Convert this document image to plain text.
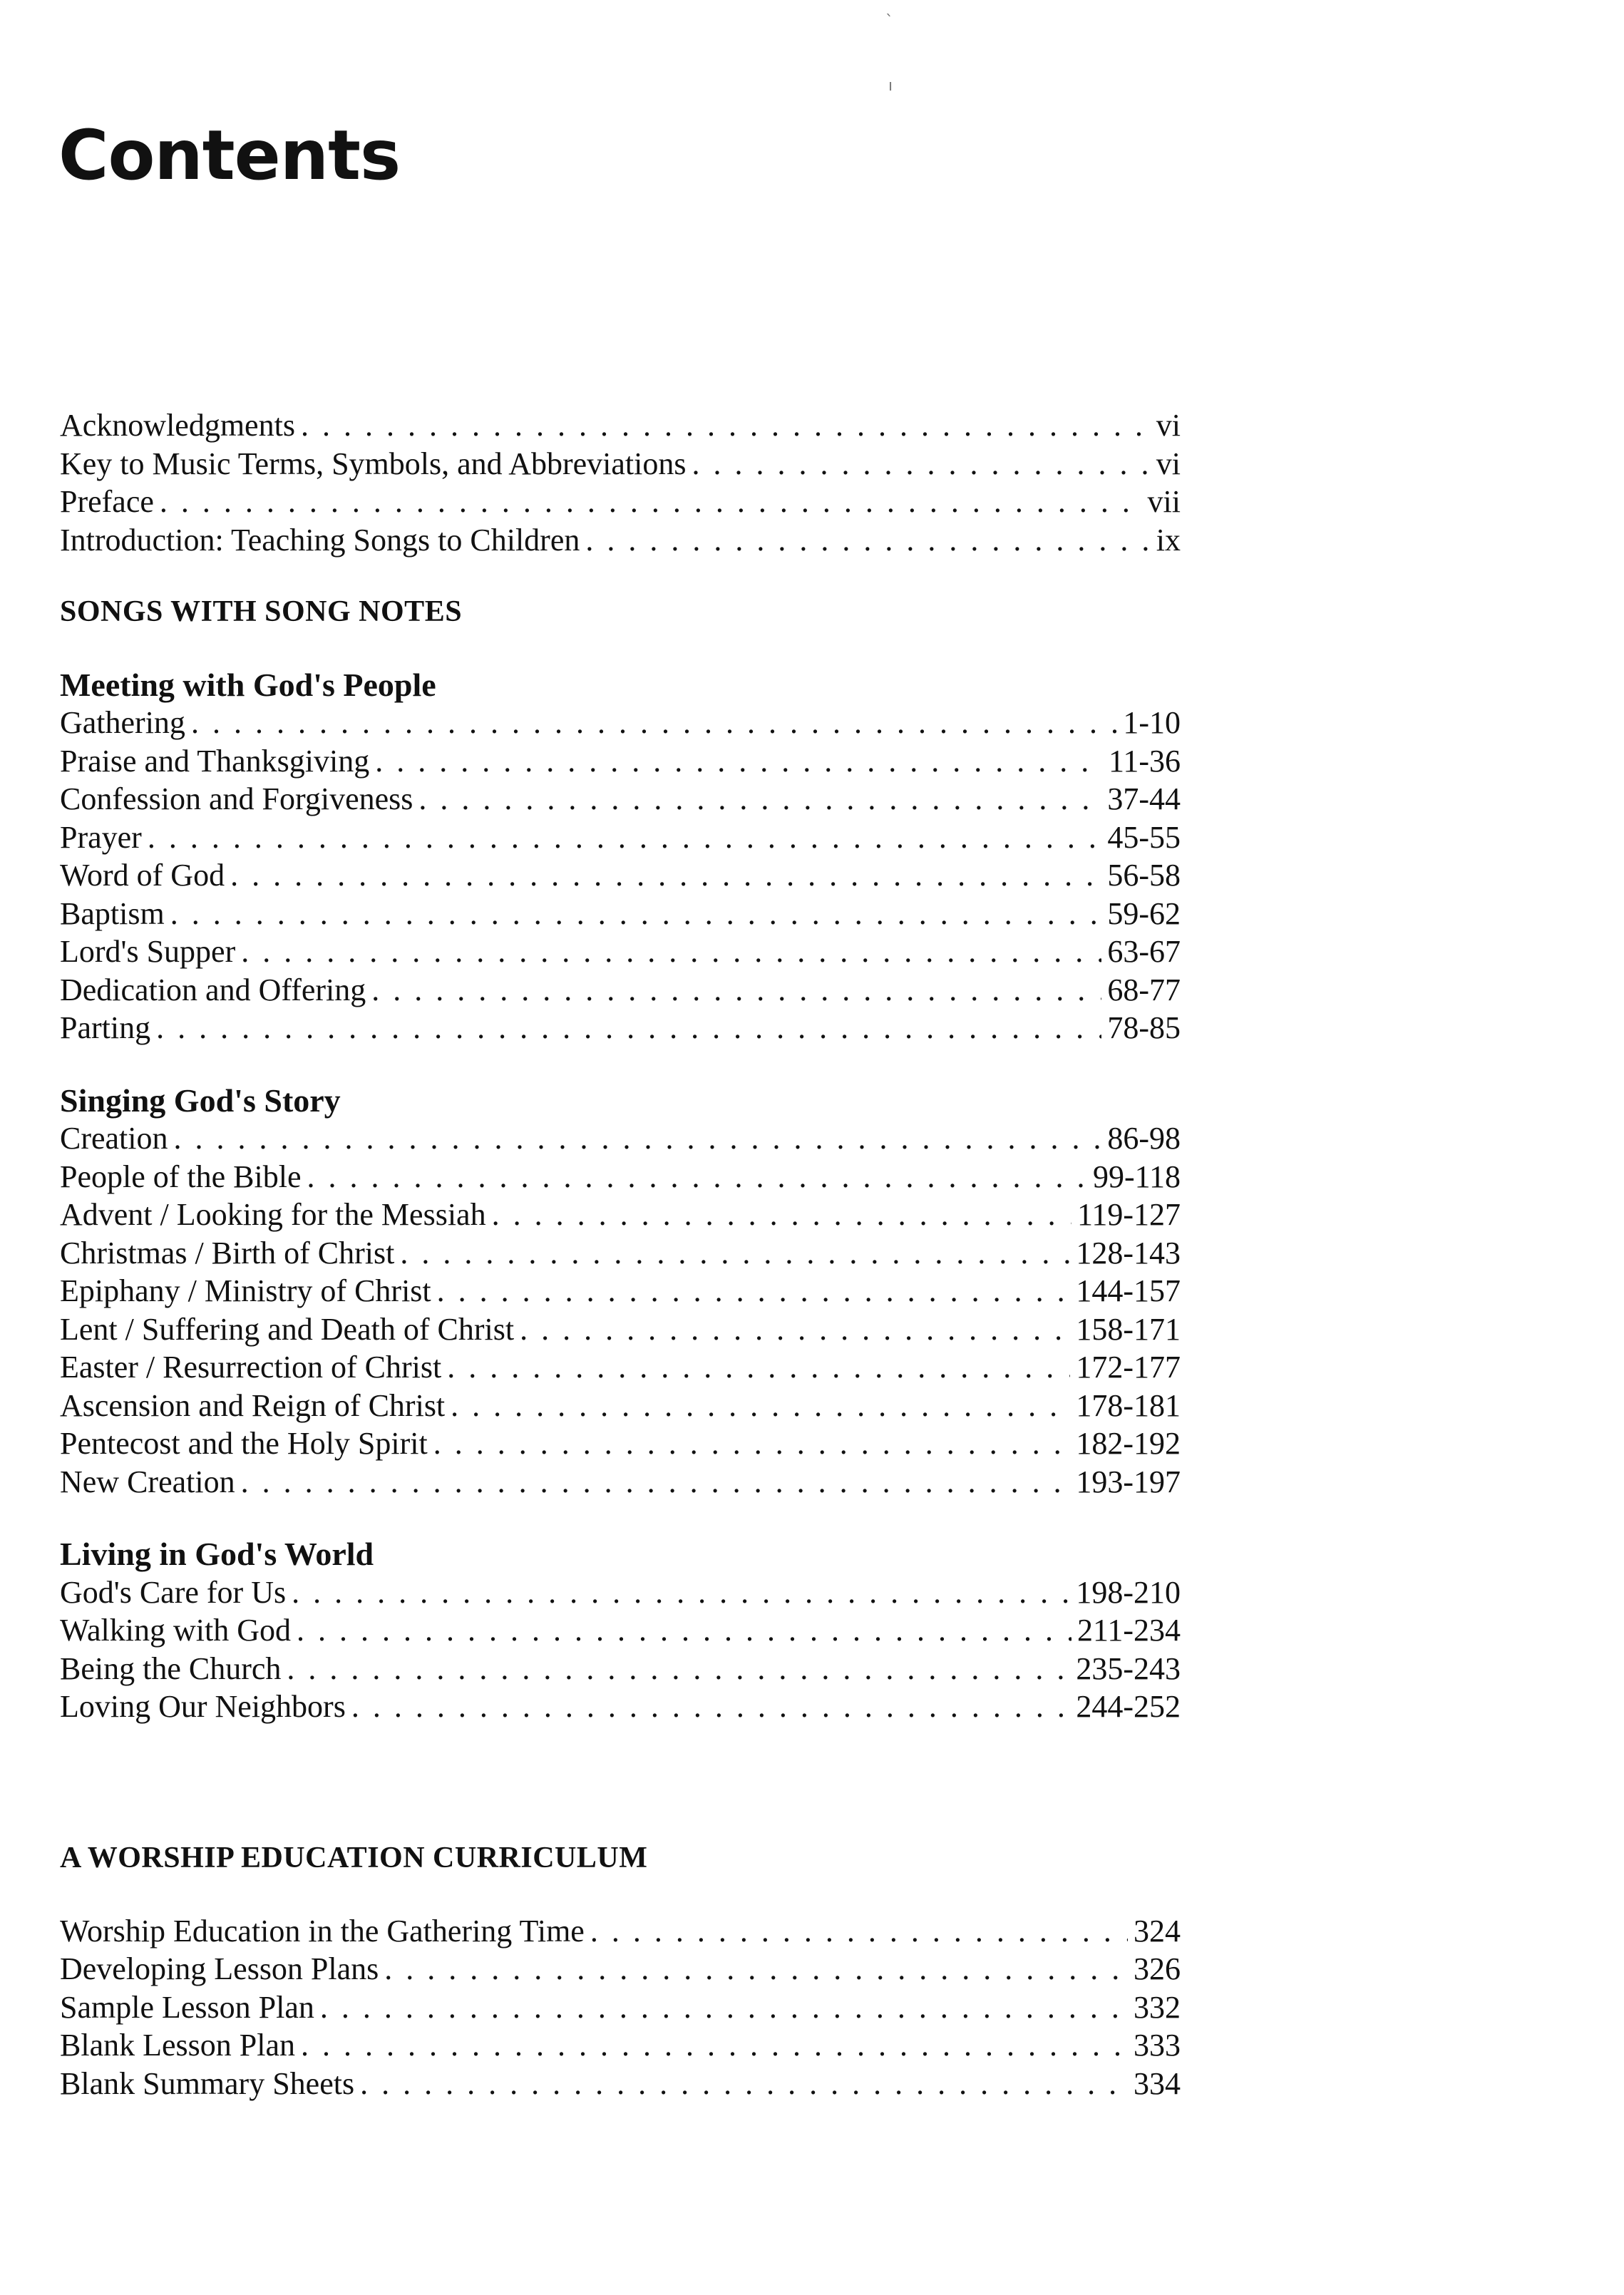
ˋ
ı
Contents
Acknowledgments . . .	vi
Key to Music Terms, Symbols, and Abbreviations . . .	vi
Preface . . .	vii
Introduction: Teaching Songs to Children . . .	ix
SONGS WITH SONG NOTES
Meeting with God's People
Gathering . . .	1-10
Praise and Thanksgiving . . .	11-36
Confession and Forgiveness . . .	37-44
Prayer . . .	45-55
Word of God . . .	56-58
Baptism . . .	59-62
Lord's Supper . . .	63-67
Dedication and Offering . . .	68-77
Parting . . .	78-85
Singing God's Story
Creation . . .	86-98
People of the Bible . . .	99-118
Advent / Looking for the Messiah . . .	119-127
Christmas / Birth of Christ . . .	128-143
Epiphany / Ministry of Christ . . .	144-157
Lent / Suffering and Death of Christ . . .	158-171
Easter / Resurrection of Christ . . .	172-177
Ascension and Reign of Christ . . .	178-181
Pentecost and the Holy Spirit . . .	182-192
New Creation . . .	193-197
Living in God's World
God's Care for Us . . .	198-210
Walking with God . . .	211-234
Being the Church . . .	235-243
Loving Our Neighbors . . .	244-252
A WORSHIP EDUCATION CURRICULUM
Worship Education in the Gathering Time . . .	324
Developing Lesson Plans . . .	326
Sample Lesson Plan . . .	332
Blank Lesson Plan . . .	333
Blank Summary Sheets . . .	334
